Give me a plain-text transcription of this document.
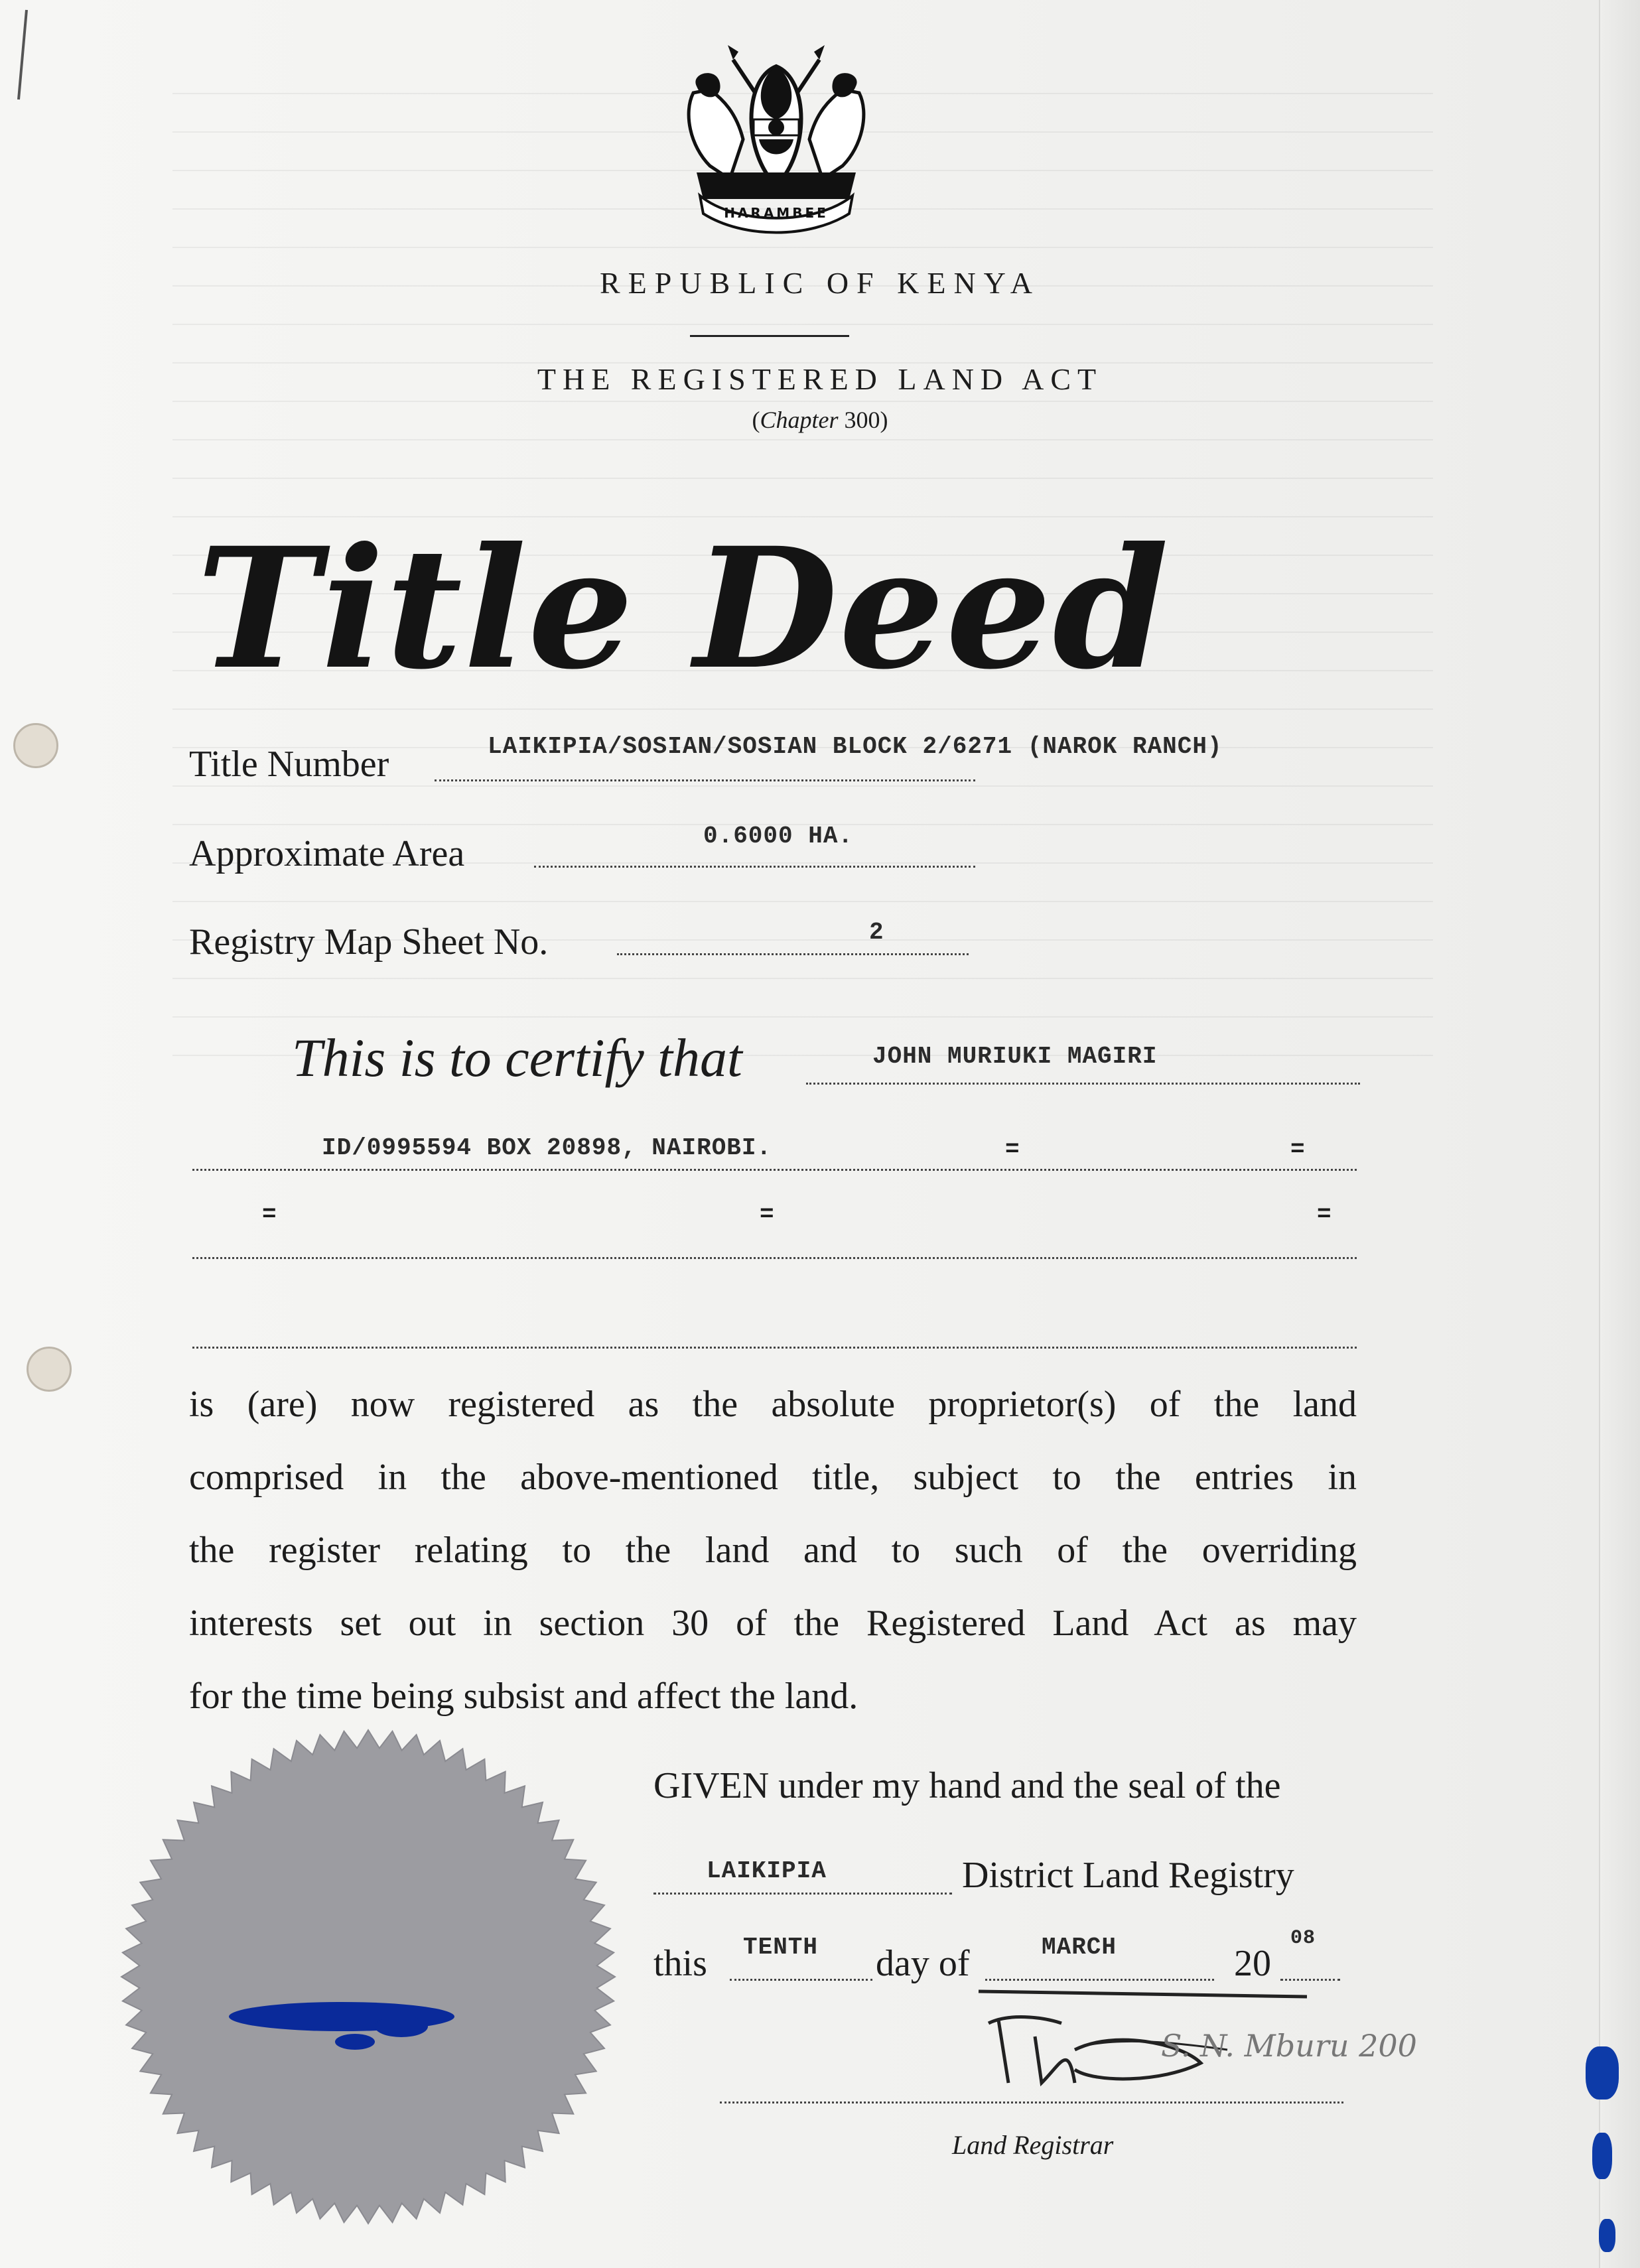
HARAMBEE
REPUBLIC OF KENYA
THE REGISTERED LAND ACT
(Chapter 300)
Title Deed
Title Number	LAIKIPIA/SOSIAN/SOSIAN BLOCK 2/6271 (NAROK RANCH)
Approximate Area	0.6000 HA.
Registry Map Sheet No.	2
This is to certify that	JOHN MURIUKI MAGIRI
ID/0995594 BOX 20898, NAIROBI.	=	=
=	=	=
is (are) now registered as the absolute proprietor(s) of the land
comprised in the above-mentioned title, subject to the entries in
the register relating to the land and to such of the overriding
interests set out in section 30 of the Registered Land Act as may
for the time being subsist and affect the land.
GIVEN under my hand and the seal of the
LAIKIPIA	District Land Registry
this TENTH day of	MARCH	20
08
S. N. Mburu 200
Land Registrar
